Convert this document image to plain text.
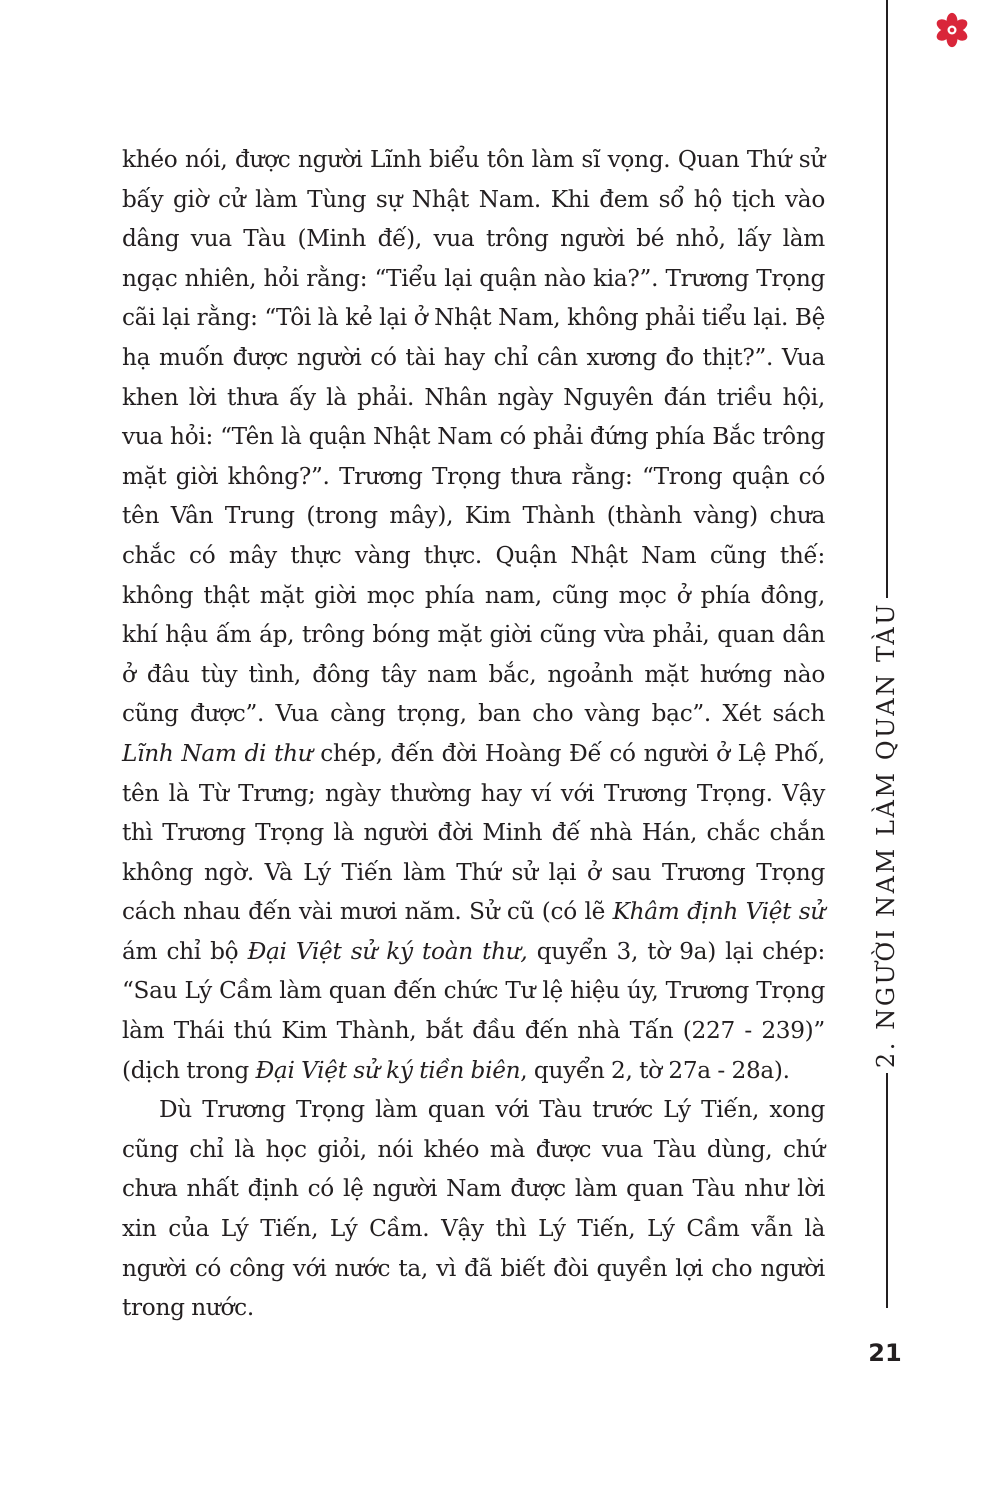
khéo nói, được người Lĩnh biểu tôn làm sĩ vọng. Quan Thứ sử bấy giờ cử làm Tùng sự Nhật Nam. Khi đem sổ hộ tịch vào dâng vua Tàu (Minh đế), vua trông người bé nhỏ, lấy làm ngạc nhiên, hỏi rằng: “Tiểu lại quận nào kia?”. Trương Trọng cãi lại rằng: “Tôi là kẻ lại ở Nhật Nam, không phải tiểu lại. Bệ hạ muốn được người có tài hay chỉ cân xương đo thịt?”. Vua khen lời thưa ấy là phải. Nhân ngày Nguyên đán triều hội, vua hỏi: “Tên là quận Nhật Nam có phải đứng phía Bắc trông mặt giời không?”. Trương Trọng thưa rằng: “Trong quận có tên Vân Trung (trong mây), Kim Thành (thành vàng) chưa chắc có mây thực vàng thực. Quận Nhật Nam cũng thế: không thật mặt giời mọc phía nam, cũng mọc ở phía đông, khí hậu ấm áp, trông bóng mặt giời cũng vừa phải, quan dân ở đâu tùy tình, đông tây nam bắc, ngoảnh mặt hướng nào cũng được”. Vua càng trọng, ban cho vàng bạc”. Xét sách Lĩnh Nam di thư chép, đến đời Hoàng Đế có người ở Lệ Phố, tên là Từ Trưng; ngày thường hay ví với Trương Trọng. Vậy thì Trương Trọng là người đời Minh đế nhà Hán, chắc chắn không ngờ. Và Lý Tiến làm Thứ sử lại ở sau Trương Trọng cách nhau đến vài mươi năm. Sử cũ (có lẽ Khâm định Việt sử ám chỉ bộ Đại Việt sử ký toàn thư, quyển 3, tờ 9a) lại chép: “Sau Lý Cầm làm quan đến chức Tư lệ hiệu úy, Trương Trọng làm Thái thú Kim Thành, bắt đầu đến nhà Tấn (227 - 239)” (dịch trong Đại Việt sử ký tiền biên, quyển 2, tờ 27a - 28a).

Dù Trương Trọng làm quan với Tàu trước Lý Tiến, xong cũng chỉ là học giỏi, nói khéo mà được vua Tàu dùng, chứ chưa nhất định có lệ người Nam được làm quan Tàu như lời xin của Lý Tiến, Lý Cầm. Vậy thì Lý Tiến, Lý Cầm vẫn là người có công với nước ta, vì đã biết đòi quyền lợi cho người trong nước.

2. NGƯỜI NAM LÀM QUAN TÀU
21
